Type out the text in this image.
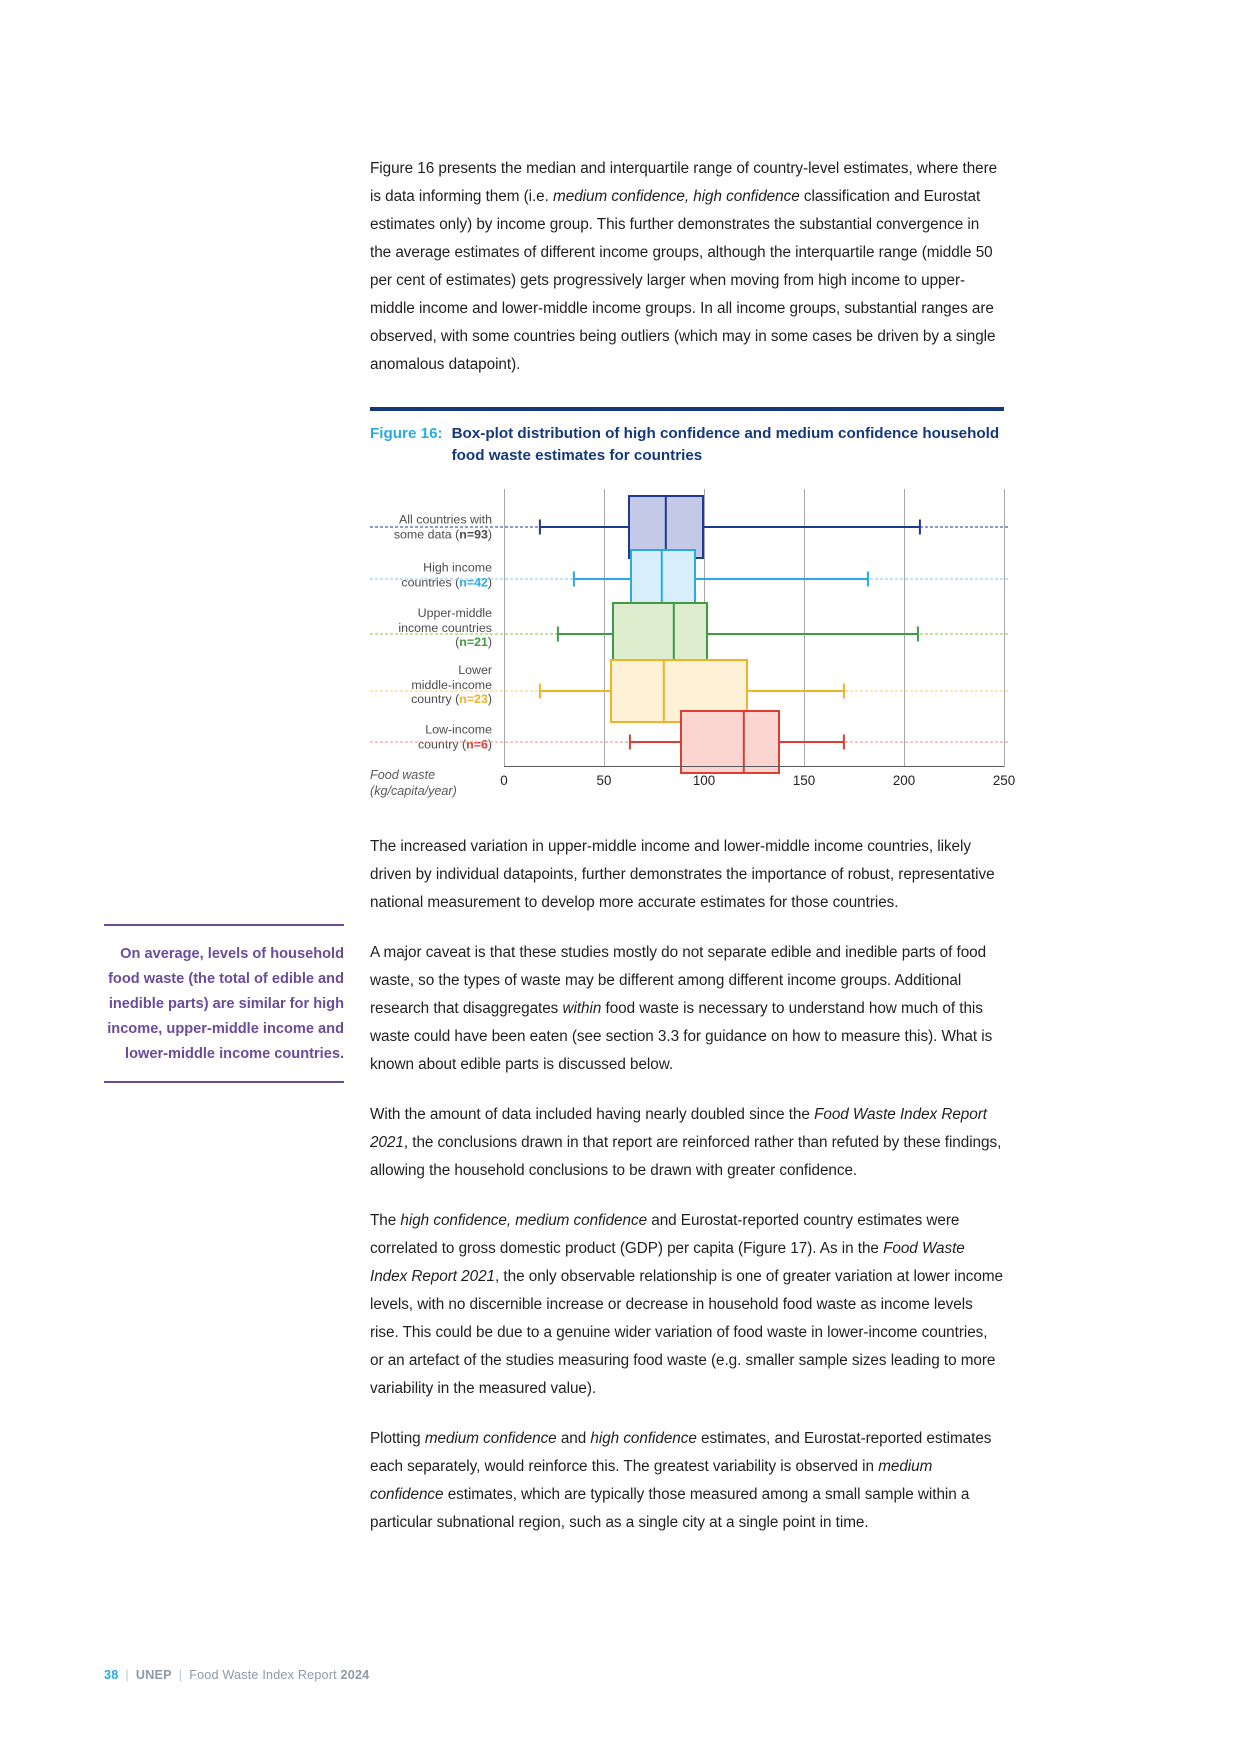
Figure 16 presents the median and interquartile range of country-level estimates, where there is data informing them (i.e. medium confidence, high confidence classification and Eurostat estimates only) by income group. This further demonstrates the substantial convergence in the average estimates of different income groups, although the interquartile range (middle 50 per cent of estimates) gets progressively larger when moving from high income to upper-middle income and lower-middle income groups. In all income groups, substantial ranges are observed, with some countries being outliers (which may in some cases be driven by a single anomalous datapoint).

Figure 16: Box-plot distribution of high confidence and medium confidence household food waste estimates for countries
All countries with
some data (n=93)
High income
countries (n=42)
Upper-middle
income countries
(n=21)
Lower
middle-income
country (n=23)
Low-income
country (n=6)
0	50	100	150	200	250
Food waste
(kg/capita/year)

The increased variation in upper-middle income and lower-middle income countries, likely driven by individual datapoints, further demonstrates the importance of robust, representative national measurement to develop more accurate estimates for those countries.

A major caveat is that these studies mostly do not separate edible and inedible parts of food waste, so the types of waste may be different among different income groups. Additional research that disaggregates within food waste is necessary to understand how much of this waste could have been eaten (see section 3.3 for guidance on how to measure this). What is known about edible parts is discussed below.

With the amount of data included having nearly doubled since the Food Waste Index Report 2021, the conclusions drawn in that report are reinforced rather than refuted by these findings, allowing the household conclusions to be drawn with greater confidence.

The high confidence, medium confidence and Eurostat-reported country estimates were correlated to gross domestic product (GDP) per capita (Figure 17). As in the Food Waste Index Report 2021, the only observable relationship is one of greater variation at lower income levels, with no discernible increase or decrease in household food waste as income levels rise. This could be due to a genuine wider variation of food waste in lower-income countries, or an artefact of the studies measuring food waste (e.g. smaller sample sizes leading to more variability in the measured value).

Plotting medium confidence and high confidence estimates, and Eurostat-reported estimates each separately, would reinforce this. The greatest variability is observed in medium confidence estimates, which are typically those measured among a small sample within a particular subnational region, such as a single city at a single point in time.

On average, levels of household food waste (the total of edible and inedible parts) are similar for high income, upper-middle income and lower-middle income countries.
38 | UNEP | Food Waste Index Report 2024
